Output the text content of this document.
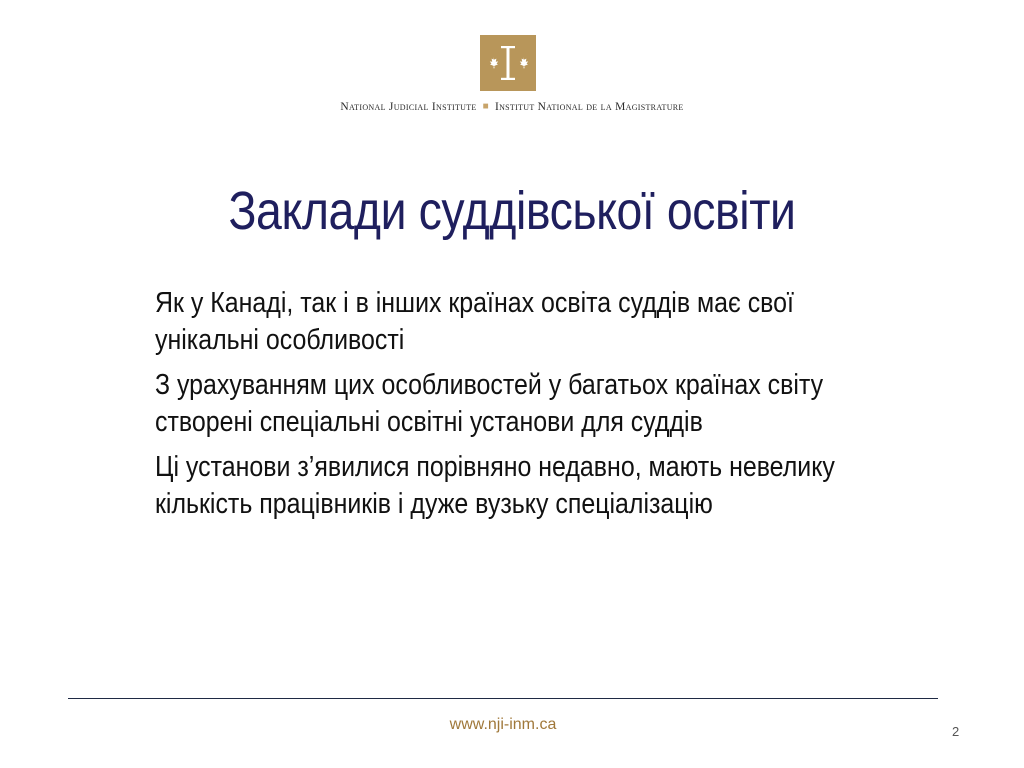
National Judicial Institute ■ Institut National de la Magistrature
Заклади суддівської освіти

Як у Канаді, так і в інших країнах освіта суддів має свої унікальні особливості

З урахуванням цих особливостей у багатьох країнах світу створені спеціальні освітні установи для суддів

Ці установи з’явилися порівняно недавно, мають невелику кількість працівників і дуже вузьку спеціалізацію

www.nji-inm.ca	2
